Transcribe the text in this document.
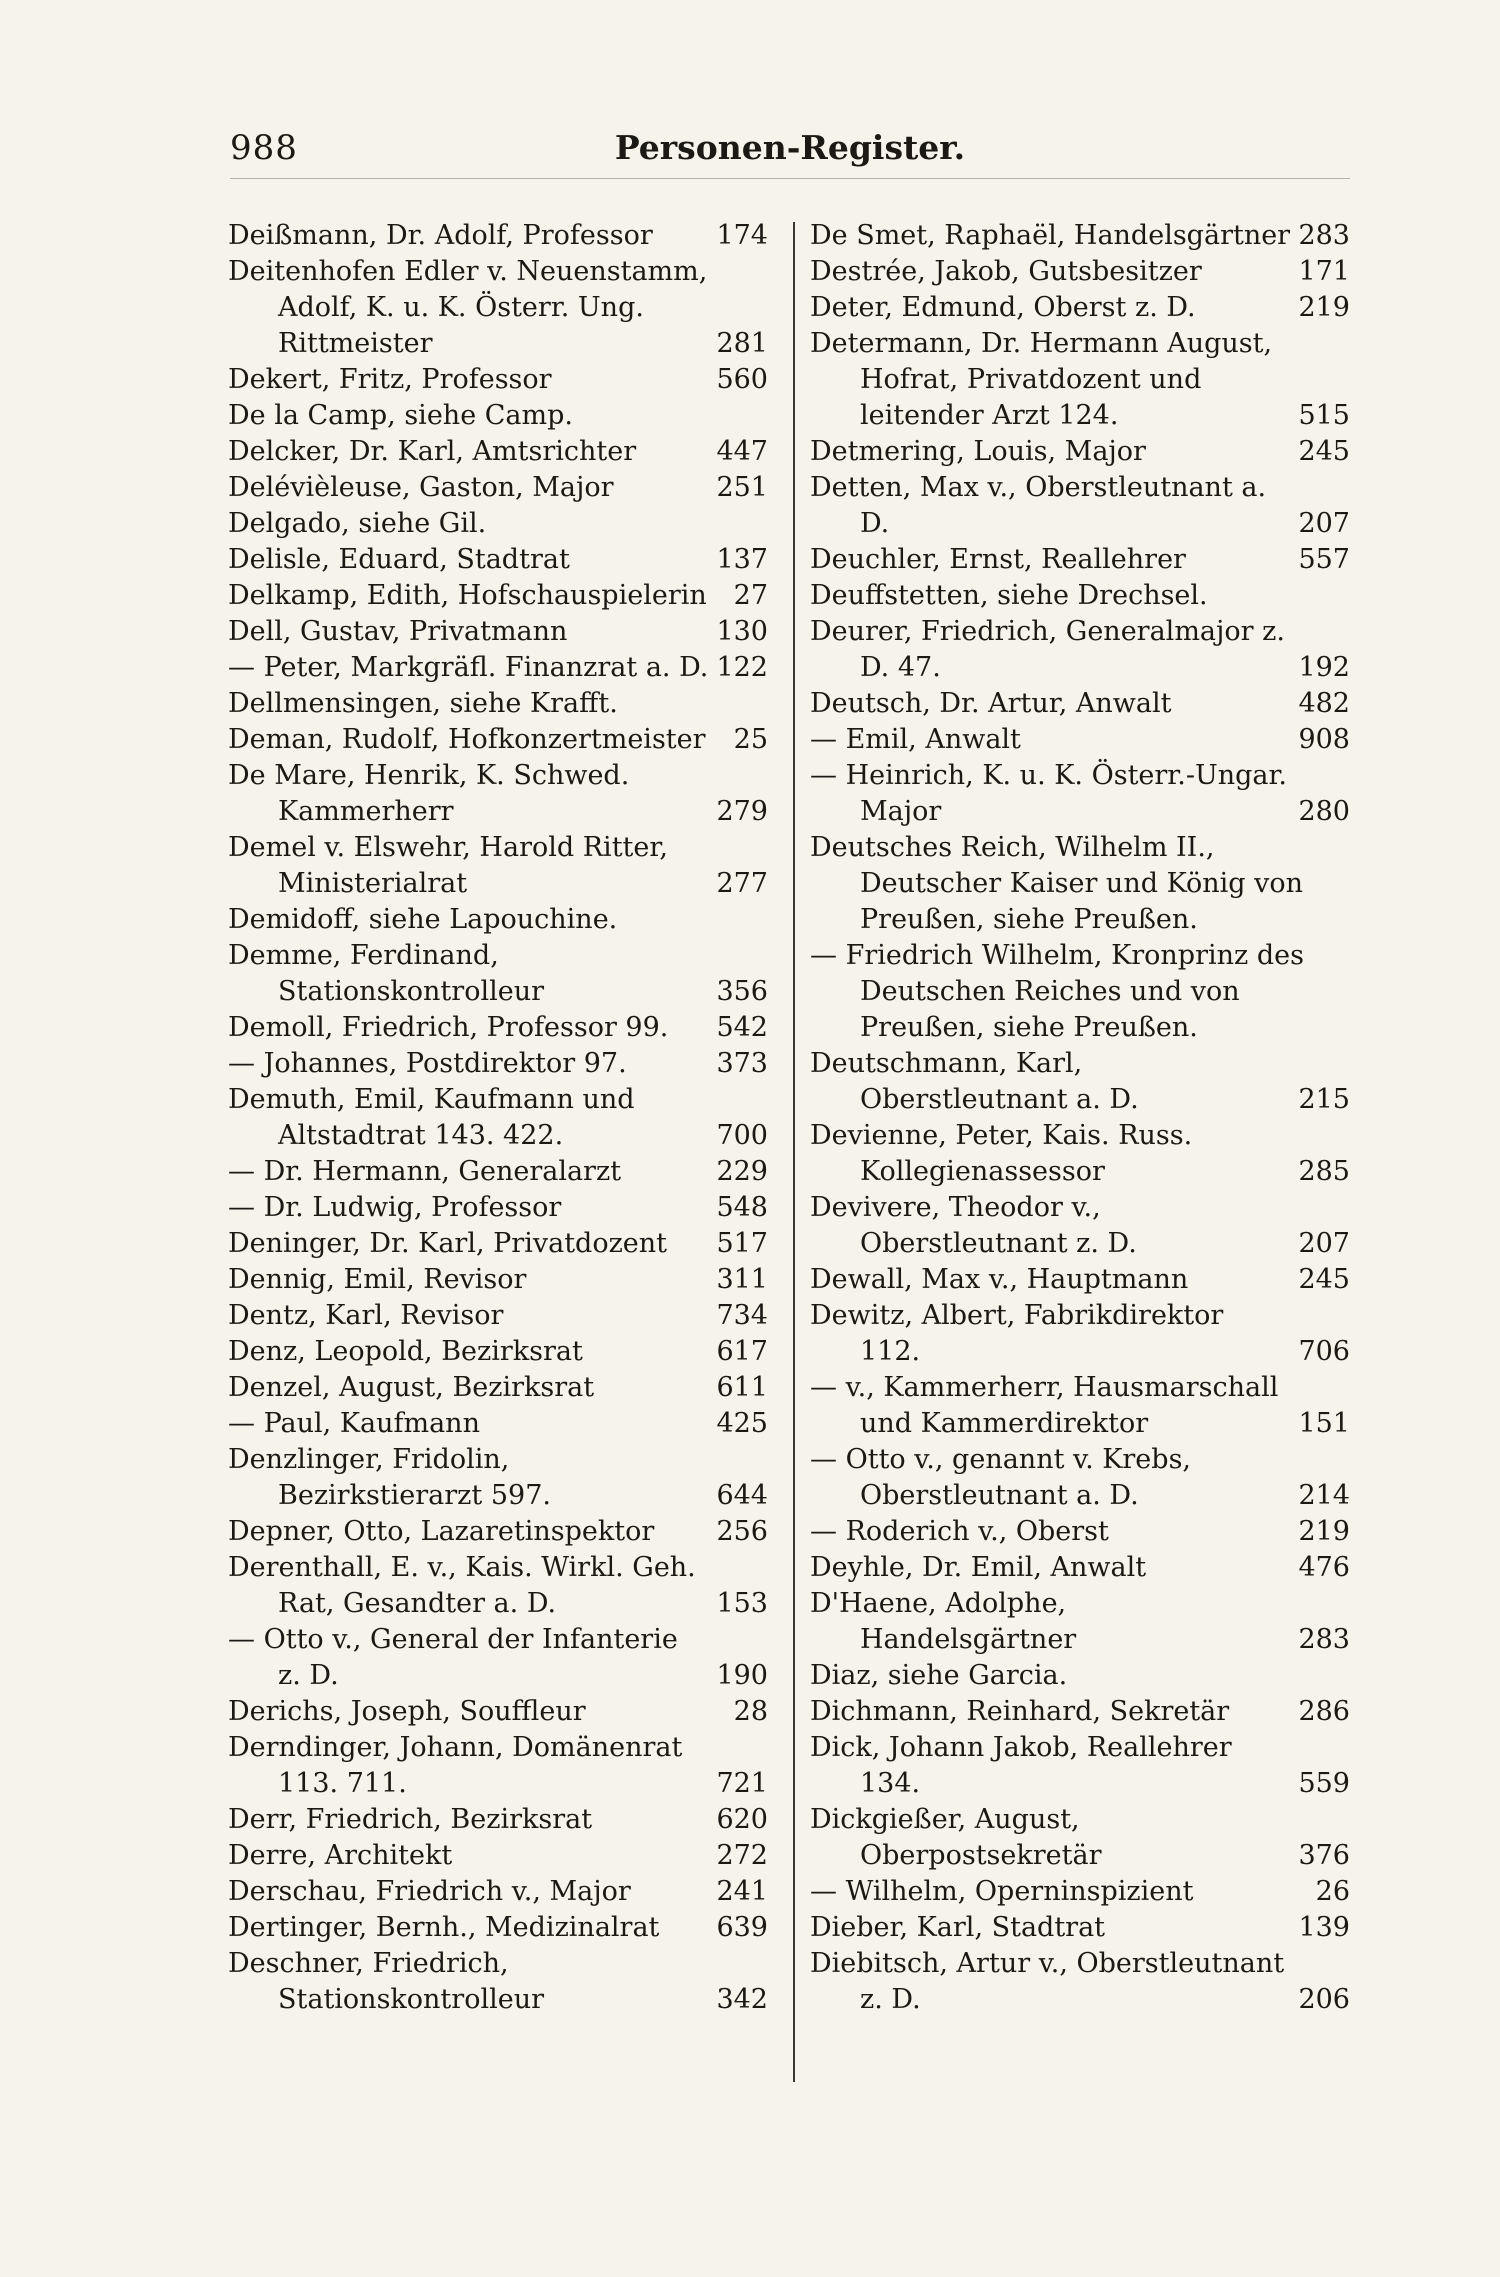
Personen-Register.
988
Deißmann, Dr. Adolf, Professor	174
Deitenhofen Edler v. Neuenstamm, Adolf, K. u. K. Österr. Ung. Rittmeister	281
Dekert, Fritz, Professor	560
De la Camp, siehe Camp.
Delcker, Dr. Karl, Amtsrichter	447
Delévièleuse, Gaston, Major	251
Delgado, siehe Gil.
Delisle, Eduard, Stadtrat	137
Delkamp, Edith, Hofschauspielerin 27
Dell, Gustav, Privatmann	130
— Peter, Markgräfl. Finanzrat a. D. 122
Dellmensingen, siehe Krafft.
Deman, Rudolf, Hofkonzertmeister	25
De Mare, Henrik, K. Schwed. Kammerherr	279
Demel v. Elswehr, Harold Ritter, Ministerialrat	277
Demidoff, siehe Lapouchine.
Demme, Ferdinand, Stationskontrolleur	356
Demoll, Friedrich, Professor 99.	542
— Johannes, Postdirektor 97.	373
Demuth, Emil, Kaufmann und Altstadtrat 143. 422.	700
— Dr. Hermann, Generalarzt	229
— Dr. Ludwig, Professor	548
Deninger, Dr. Karl, Privatdozent	517
Dennig, Emil, Revisor	311
Dentz, Karl, Revisor	734
Denz, Leopold, Bezirksrat	617
Denzel, August, Bezirksrat	611
— Paul, Kaufmann	425
Denzlinger, Fridolin, Bezirkstierarzt 597.	644
Depner, Otto, Lazaretinspektor	256
Derenthall, E. v., Kais. Wirkl. Geh. Rat, Gesandter a. D.	153
— Otto v., General der Infanterie z. D.	190
Derichs, Joseph, Souffleur	28
Derndinger, Johann, Domänenrat 113. 711.	721
Derr, Friedrich, Bezirksrat	620
Derre, Architekt	272
Derschau, Friedrich v., Major	241
Dertinger, Bernh., Medizinalrat	639
Deschner, Friedrich, Stationskontrolleur	342
De Smet, Raphaël, Handelsgärtner 283
Destrée, Jakob, Gutsbesitzer	171
Deter, Edmund, Oberst z. D.	219
Determann, Dr. Hermann August, Hofrat, Privatdozent und leitender Arzt 124.	515
Detmering, Louis, Major	245
Detten, Max v., Oberstleutnant a. D.	207
Deuchler, Ernst, Reallehrer	557
Deuffstetten, siehe Drechsel.
Deurer, Friedrich, Generalmajor z. D. 47.	192
Deutsch, Dr. Artur, Anwalt	482
— Emil, Anwalt	908
— Heinrich, K. u. K. Österr.-Ungar. Major	280
Deutsches Reich, Wilhelm II., Deutscher Kaiser und König von Preußen, siehe Preußen.
— Friedrich Wilhelm, Kronprinz des Deutschen Reiches und von Preußen, siehe Preußen.
Deutschmann, Karl, Oberstleutnant a. D.	215
Devienne, Peter, Kais. Russ. Kollegienassessor	285
Devivere, Theodor v., Oberstleutnant z. D.	207
Dewall, Max v., Hauptmann	245
Dewitz, Albert, Fabrikdirektor 112.	706
— v., Kammerherr, Hausmarschall und Kammerdirektor	151
— Otto v., genannt v. Krebs, Oberstleutnant a. D.	214
— Roderich v., Oberst	219
Deyhle, Dr. Emil, Anwalt	476
D'Haene, Adolphe, Handelsgärtner	283
Diaz, siehe Garcia.
Dichmann, Reinhard, Sekretär	286
Dick, Johann Jakob, Reallehrer 134.	559
Dickgießer, August, Oberpostsekretär	376
— Wilhelm, Operninspizient	26
Dieber, Karl, Stadtrat	139
Diebitsch, Artur v., Oberstleutnant z. D.	206
